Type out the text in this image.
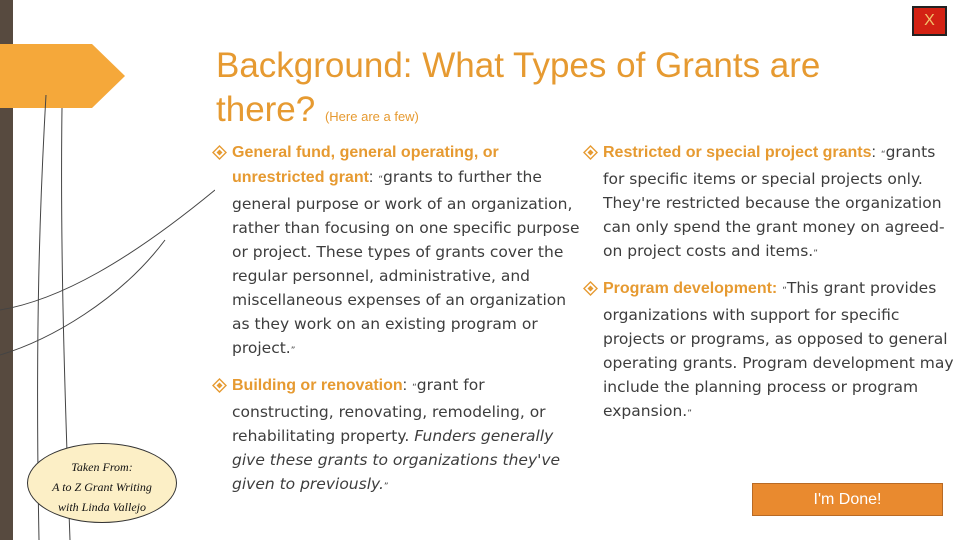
Background: What Types of Grants are there? (Here are a few)
General fund, general operating, or unrestricted grant: “grants to further the general purpose or work of an organization, rather than focusing on one specific purpose or project. These types of grants cover the regular personnel, administrative, and miscellaneous expenses of an organization as they work on an existing program or project.”
Building or renovation: “grant for constructing, renovating, remodeling, or rehabilitating property. Funders generally give these grants to organizations they've given to previously.”
Restricted or special project grants: “grants for specific items or special projects only. They're restricted because the organization can only spend the grant money on agreed-on project costs and items.”
Program development: “This grant provides organizations with support for specific projects or programs, as opposed to general operating grants. Program development may include the planning process or program expansion.”
Taken From:
A to Z Grant Writing
with Linda Vallejo
X
I'm Done!
